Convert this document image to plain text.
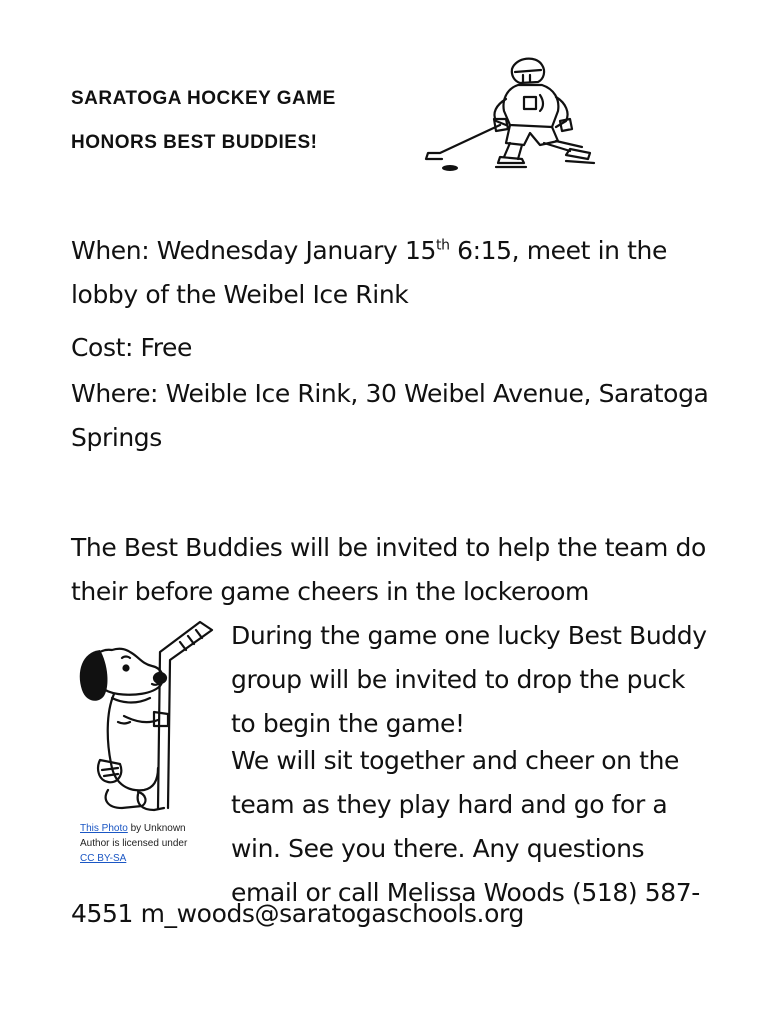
SARATOGA HOCKEY GAME
HONORS BEST BUDDIES!
When: Wednesday January 15th 6:15, meet in the lobby of the Weibel Ice Rink
Cost: Free
Where: Weible Ice Rink, 30 Weibel Avenue, Saratoga Springs
The Best Buddies will be invited to help the team do their before game cheers in the lockeroom
This Photo by Unknown Author is licensed under CC BY-SA
During the game one lucky Best Buddy group will be invited to drop the puck to begin the game!
We will sit together and cheer on the team as they play hard and go for a win. See you there. Any questions email or call Melissa Woods (518) 587-
4551 m_woods@saratogaschools.org
